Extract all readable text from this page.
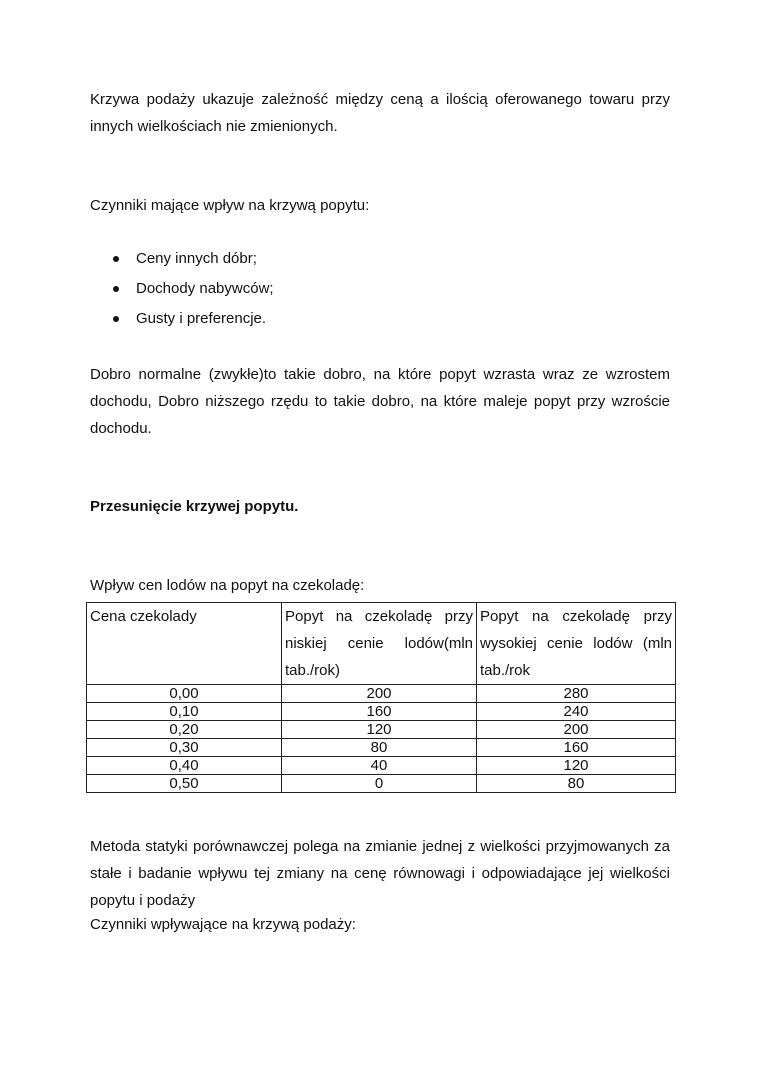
Krzywa podaży ukazuje zależność między ceną a ilością oferowanego towaru przy innych wielkościach nie zmienionych.

Czynniki mające wpływ na krzywą popytu:

Ceny innych dóbr;
Dochody nabywców;
Gusty i preferencje.

Dobro normalne (zwykłe)to takie dobro, na które popyt wzrasta wraz ze wzrostem dochodu, Dobro niższego rzędu to takie dobro, na które maleje popyt przy wzroście dochodu.

Przesunięcie krzywej popytu.

Wpływ cen lodów na popyt na czekoladę:

Cena czekolady	Popyt na czekoladę przy niskiej cenie lodów(mln tab./rok)	Popyt na czekoladę przy wysokiej cenie lodów (mln tab./rok
0,00	200	280
0,10	160	240
0,20	120	200
0,30	80	160
0,40	40	120
0,50	0	80

Metoda statyki porównawczej polega na zmianie jednej z wielkości przyjmowanych za stałe i badanie wpływu tej zmiany na cenę równowagi i odpowiadające jej wielkości popytu i podaży

Czynniki wpływające na krzywą podaży:
